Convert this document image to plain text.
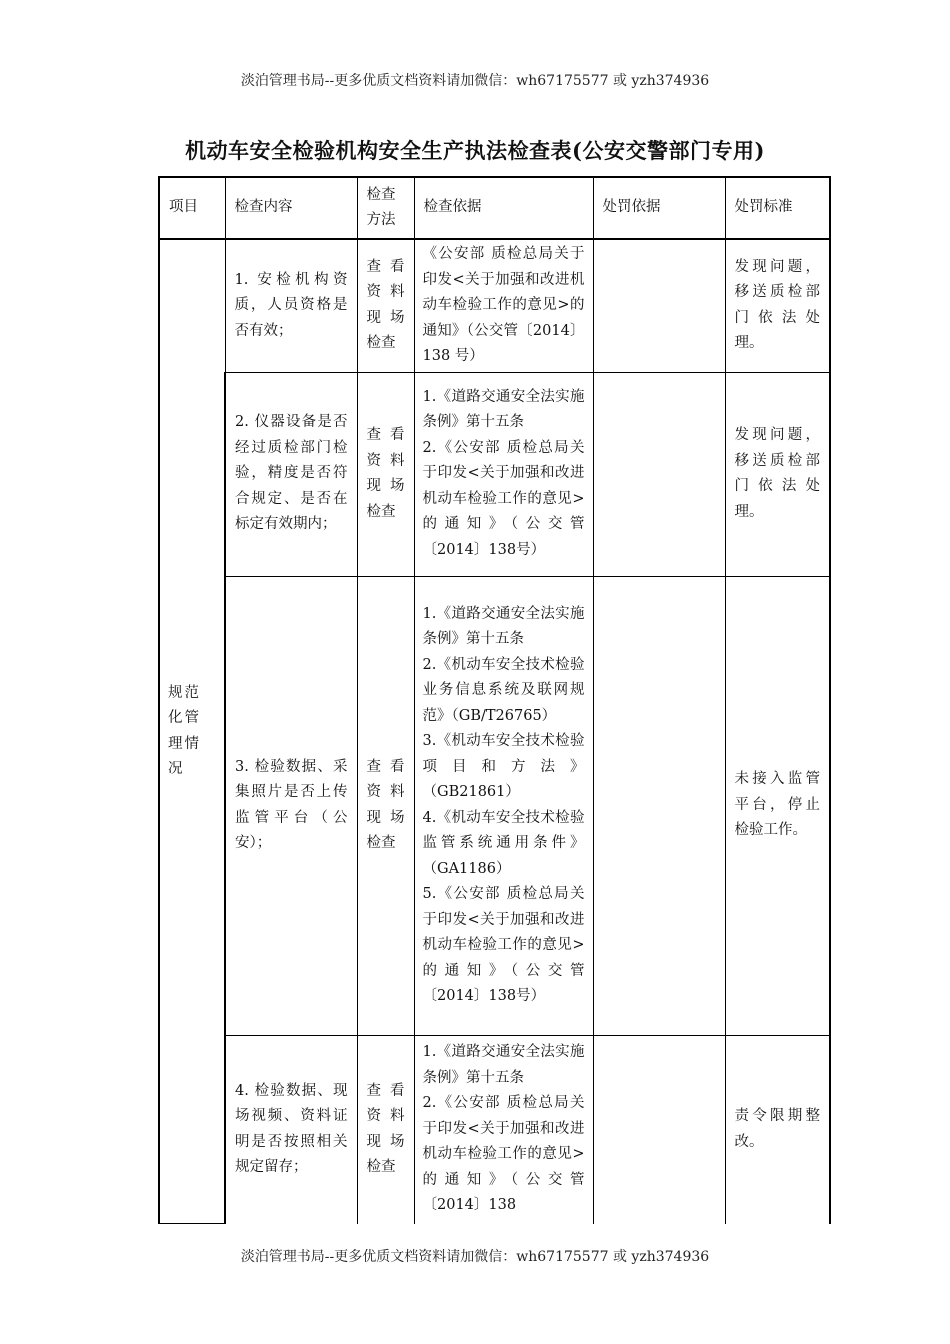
淡泊管理书局--更多优质文档资料请加微信：wh67175577 或 yzh374936
机动车安全检验机构安全生产执法检查表(公安交警部门专用)
项目	检查内容	检查方法	检查依据	处罚依据	处罚标准

规范化管理情况	1. 安检机构资质，人员资格是否有效；	查看资料现场检查	《公安部 质检总局关于印发<关于加强和改进机动车检验工作的意见>的通知》（公交管〔2014〕138 号）		发现问题，移送质检部门依法处理。
	2. 仪器设备是否经过质检部门检验，精度是否符合规定、是否在标定有效期内；	查看资料现场检查	1.《道路交通安全法实施条例》第十五条
2.《公安部 质检总局关于印发<关于加强和改进机动车检验工作的意见>的通知》（公交管〔2014〕138号）		发现问题，移送质检部门依法处理。
	3. 检验数据、采集照片是否上传监管平台（公安）；	查看资料现场检查	1.《道路交通安全法实施条例》第十五条
2.《机动车安全技术检验业务信息系统及联网规范》（GB/T26765）
3.《机动车安全技术检验项目和方法》（GB21861）
4.《机动车安全技术检验监管系统通用条件》（GA1186）
5.《公安部 质检总局关于印发<关于加强和改进机动车检验工作的意见>的通知》（公交管〔2014〕138号）		未接入监管平台，停止检验工作。
	4. 检验数据、现场视频、资料证明是否按照相关规定留存；	查看资料现场检查	1.《道路交通安全法实施条例》第十五条
2.《公安部 质检总局关于印发<关于加强和改进机动车检验工作的意见>的通知》（公交管〔2014〕138		责令限期整改。
淡泊管理书局--更多优质文档资料请加微信：wh67175577 或 yzh374936
